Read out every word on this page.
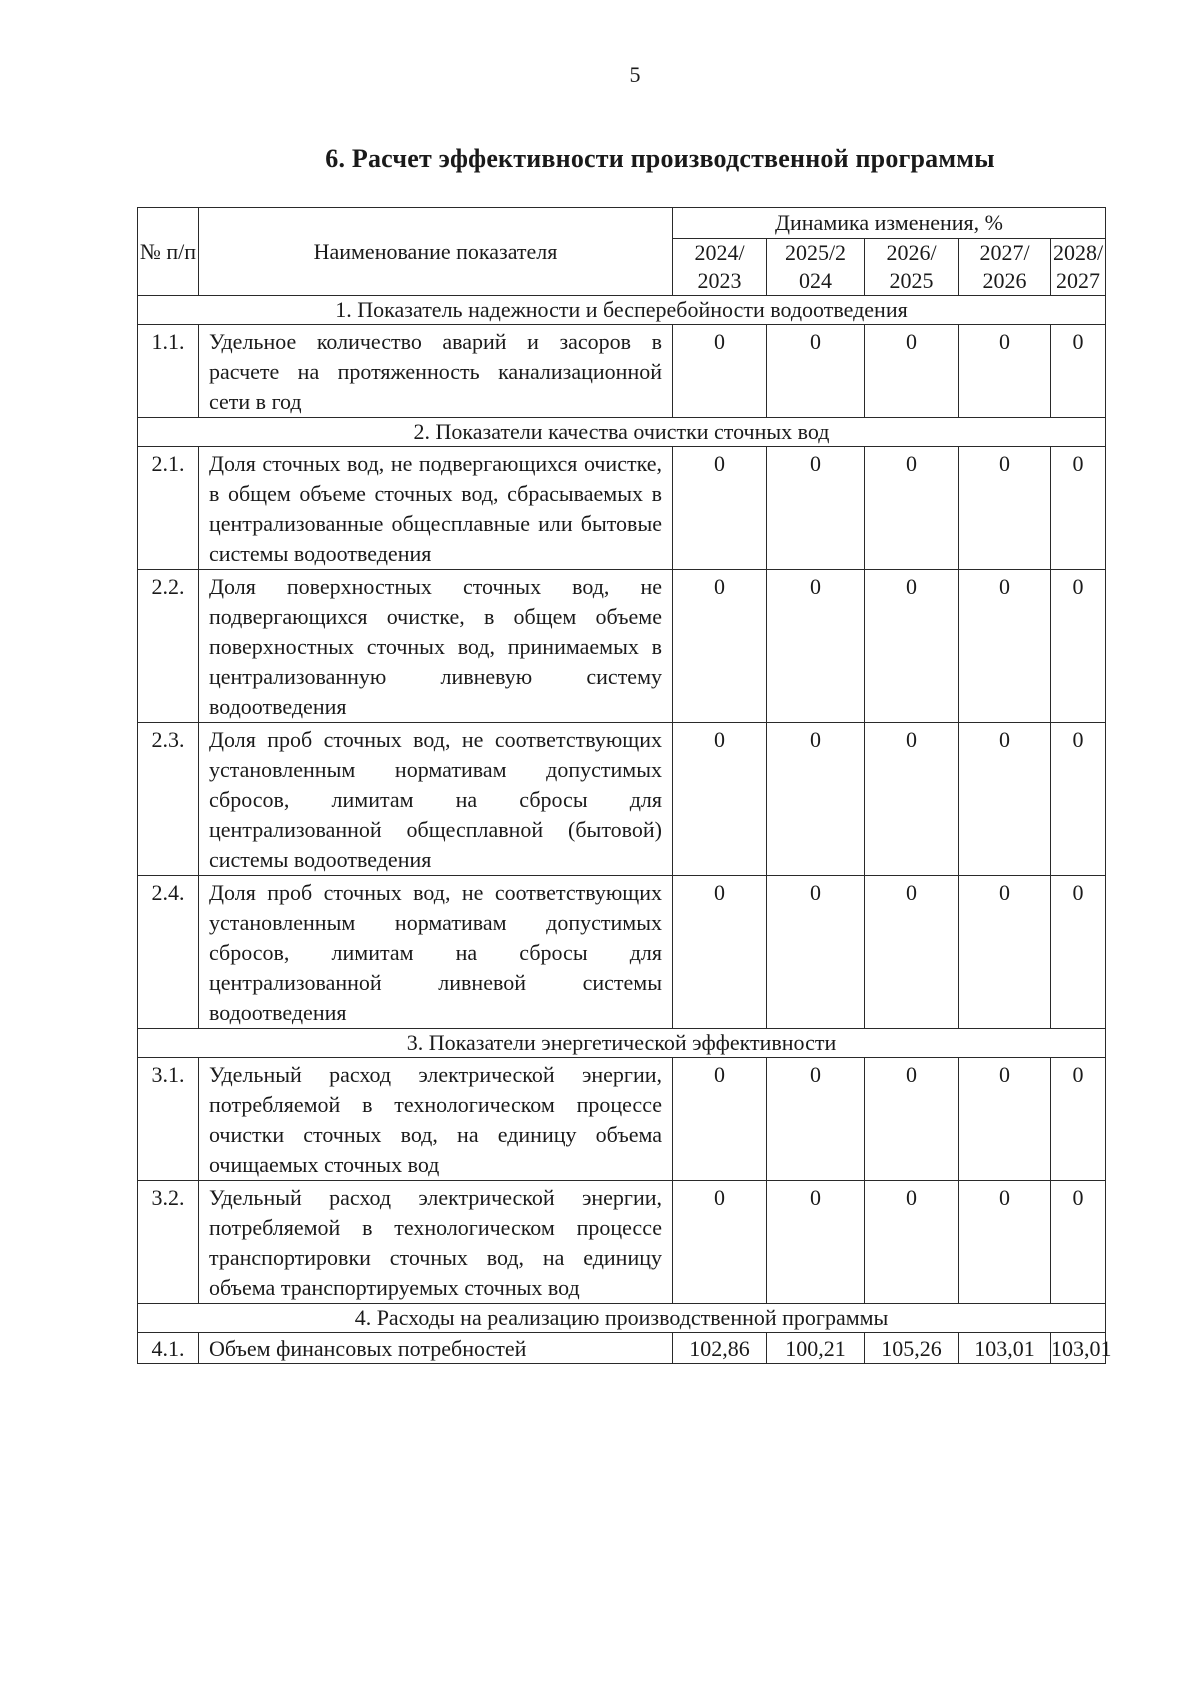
5
6. Расчет эффективности производственной программы
№ п/п	Наименование показателя	Динамика изменения, %				
		2024/ 2023	2025/2 024	2026/ 2025	2027/ 2026	2028/ 2027
1. Показатель надежности и бесперебойности водоотведения						
1.1.	Удельное количество аварий и засоров в расчете на протяженность канализационной сети в год	0	0	0	0	0
2. Показатели качества очистки сточных вод						
2.1.	Доля сточных вод, не подвергающихся очистке, в общем объеме сточных вод, сбрасываемых в централизованные общесплавные или бытовые системы водоотведения	0	0	0	0	0
2.2.	Доля поверхностных сточных вод, не подвергающихся очистке, в общем объеме поверхностных сточных вод, принимаемых в централизованную ливневую систему водоотведения	0	0	0	0	0
2.3.	Доля проб сточных вод, не соответствующих установленным нормативам допустимых сбросов, лимитам на сбросы для централизованной общесплавной (бытовой) системы водоотведения	0	0	0	0	0
2.4.	Доля проб сточных вод, не соответствующих установленным нормативам допустимых сбросов, лимитам на сбросы для централизованной ливневой системы водоотведения	0	0	0	0	0
3. Показатели энергетической эффективности						
3.1.	Удельный расход электрической энергии, потребляемой в технологическом процессе очистки сточных вод, на единицу объема очищаемых сточных вод	0	0	0	0	0
3.2.	Удельный расход электрической энергии, потребляемой в технологическом процессе транспортировки сточных вод, на единицу объема транспортируемых сточных вод	0	0	0	0	0
4. Расходы на реализацию производственной программы						
4.1.	Объем финансовых потребностей	102,86	100,21	105,26	103,01	103,01
